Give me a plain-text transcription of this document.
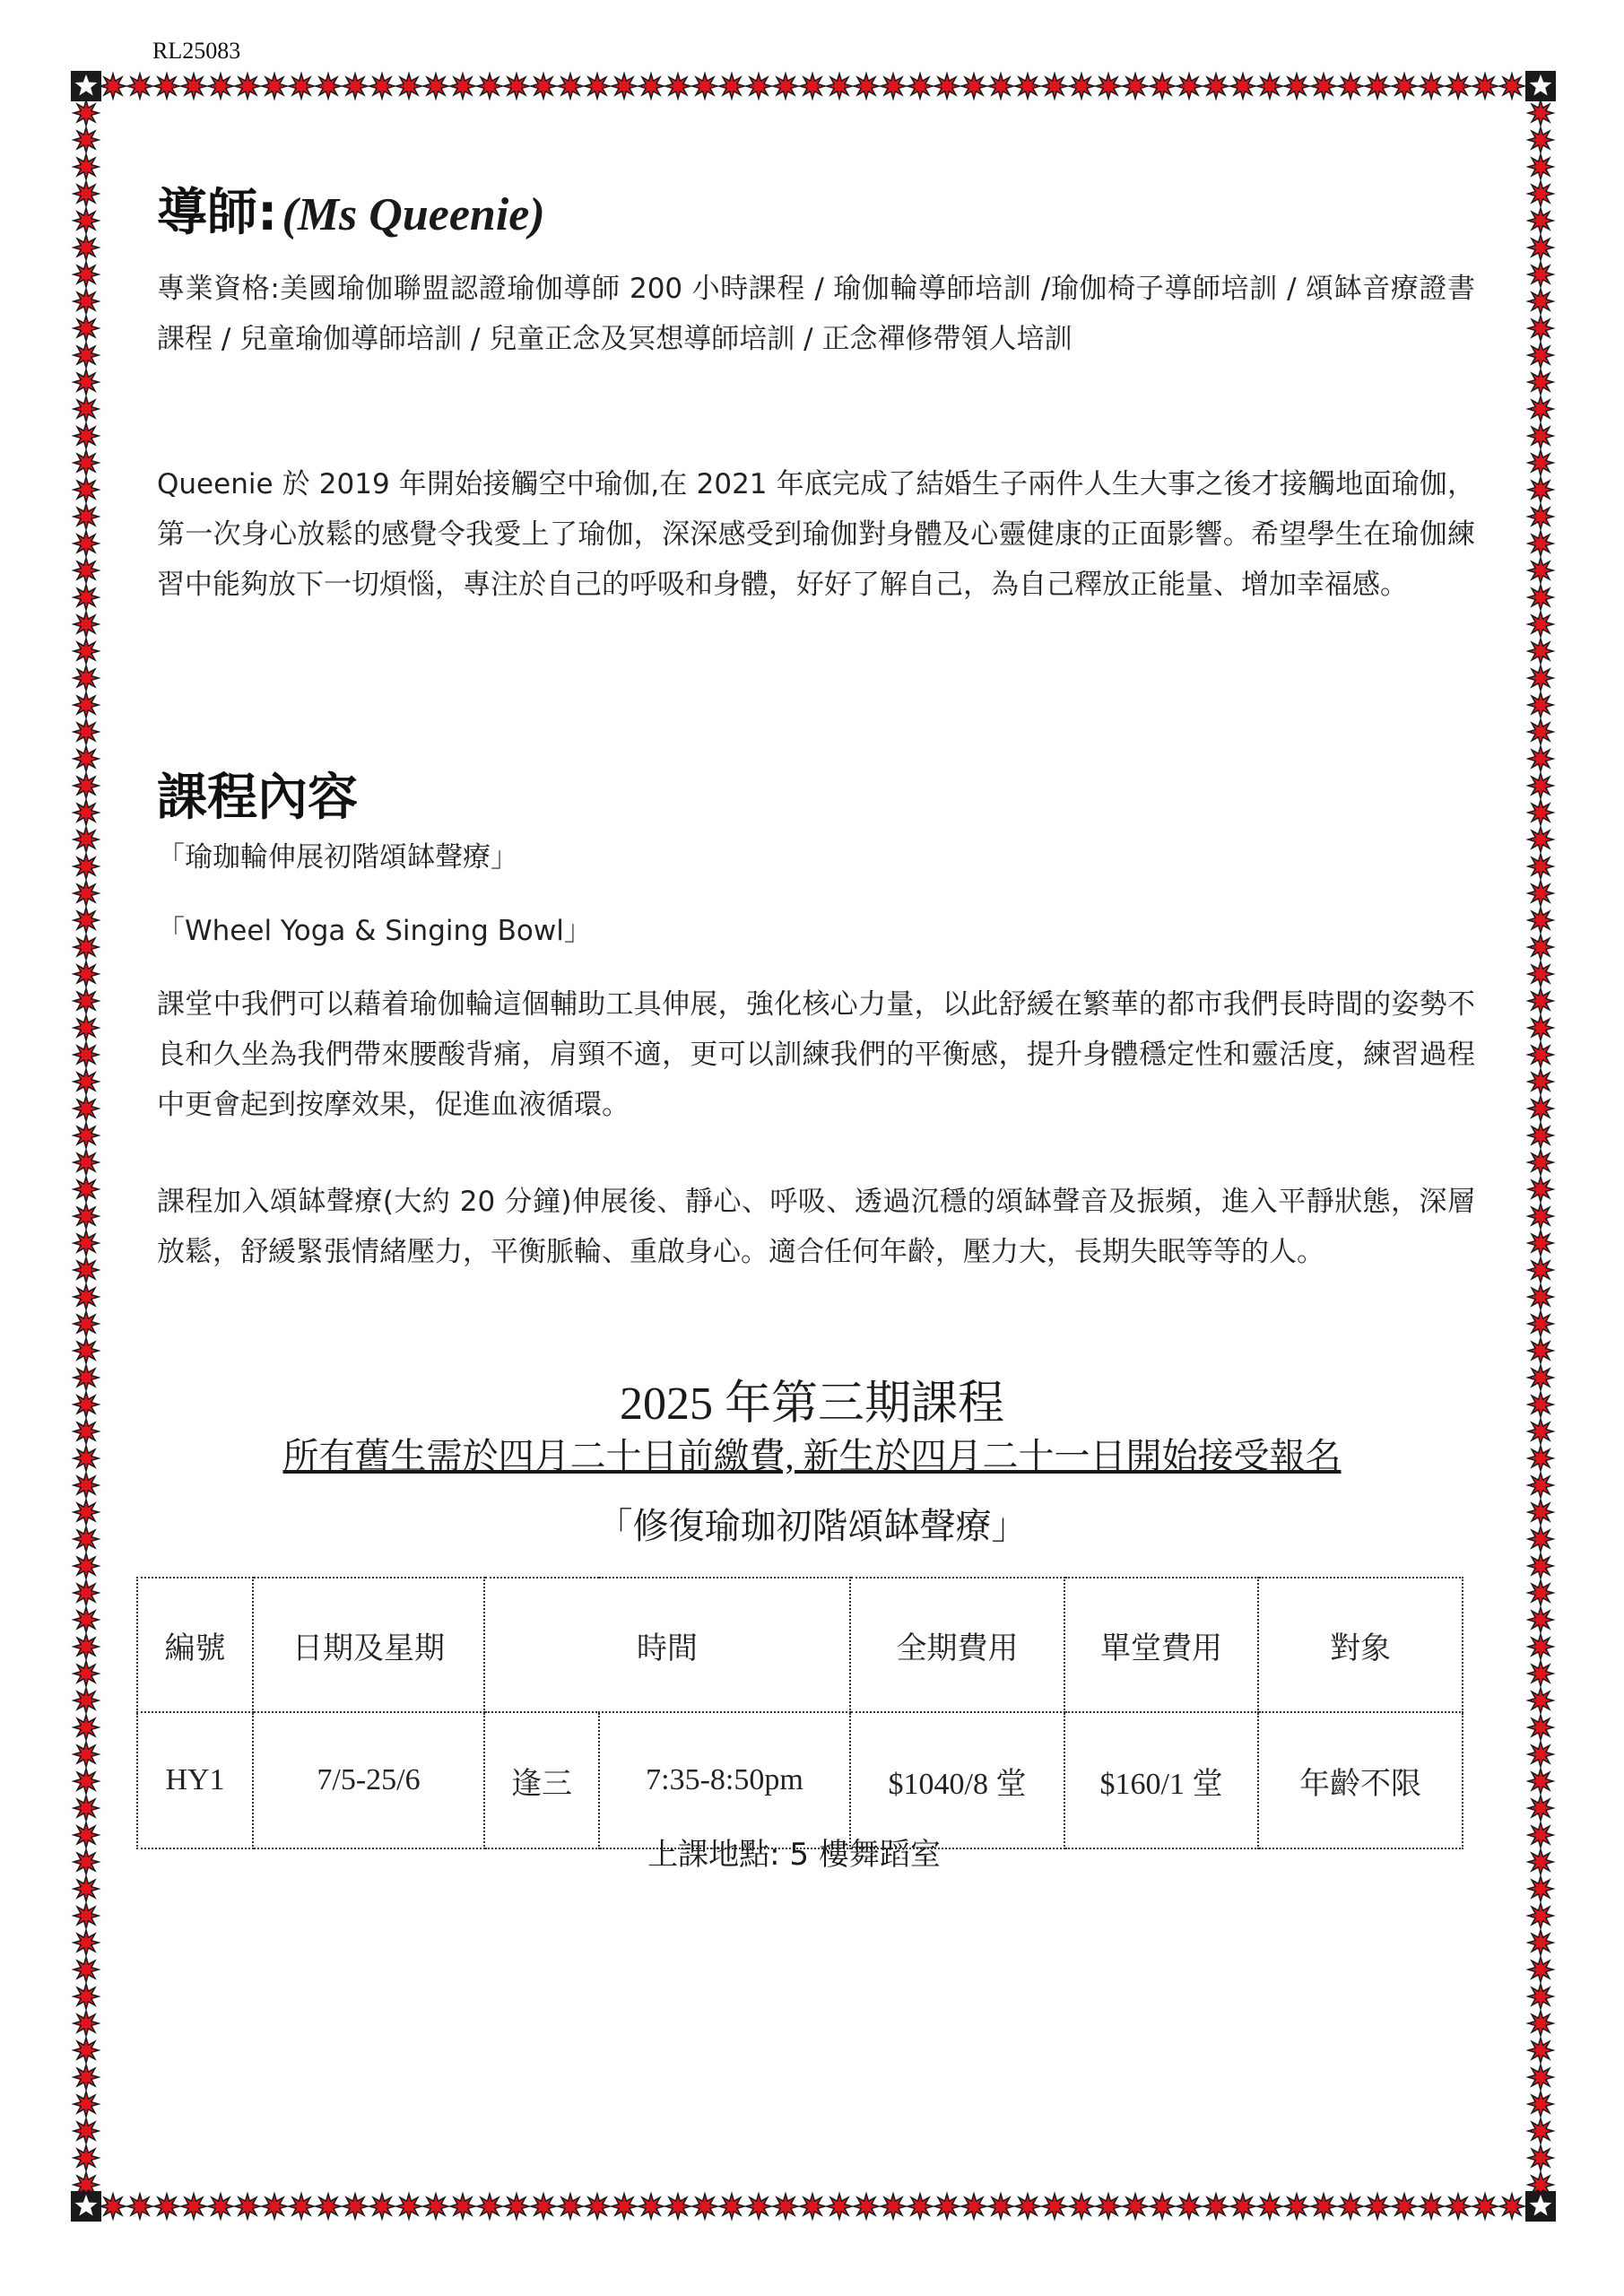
RL25083
導師: (Ms Queenie)

專業資格:美國瑜伽聯盟認證瑜伽導師 200 小時課程 / 瑜伽輪導師培訓 /瑜伽椅子導師培訓 / 頌缽音療證書課程 / 兒童瑜伽導師培訓 / 兒童正念及冥想導師培訓 / 正念禪修帶領人培訓

Queenie 於 2019 年開始接觸空中瑜伽,在 2021 年底完成了結婚生子兩件人生大事之後才接觸地面瑜伽，第一次身心放鬆的感覺令我愛上了瑜伽，深深感受到瑜伽對身體及心靈健康的正面影響。希望學生在瑜伽練習中能夠放下一切煩惱，專注於自己的呼吸和身體，好好了解自己，為自己釋放正能量、增加幸福感。

課程內容

「瑜珈輪伸展初階頌缽聲療」

「Wheel Yoga & Singing Bowl」

課堂中我們可以藉着瑜伽輪這個輔助工具伸展，強化核心力量，以此舒緩在繁華的都市我們長時間的姿勢不良和久坐為我們帶來腰酸背痛，肩頸不適，更可以訓練我們的平衡感，提升身體穩定性和靈活度，練習過程中更會起到按摩效果，促進血液循環。

課程加入頌缽聲療(大約 20 分鐘)伸展後、靜心、呼吸、透過沉穩的頌缽聲音及振頻，進入平靜狀態，深層放鬆，舒緩緊張情緒壓力，平衡脈輪、重啟身心。適合任何年齡，壓力大，長期失眠等等的人。

2025 年第三期課程
所有舊生需於四月二十日前繳費, 新生於四月二十一日開始接受報名
「修復瑜珈初階頌缽聲療」
編號	日期及星期	時間		全期費用	單堂費用	對象
HY1	7/5-25/6	逢三	7:35-8:50pm	$1040/8 堂	$160/1 堂	年齡不限
上課地點: 5 樓舞蹈室
